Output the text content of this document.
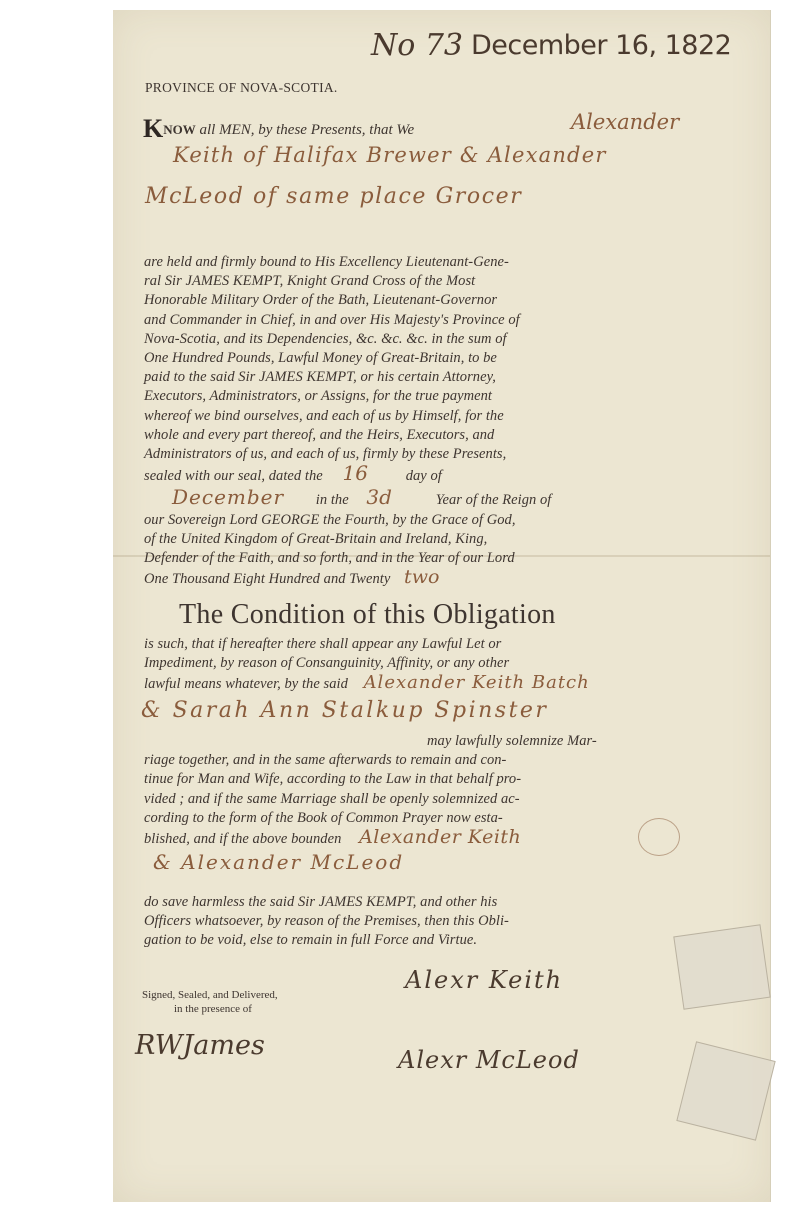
No 73 December 16, 1822
PROVINCE OF NOVA-SCOTIA.
KNOW all MEN, by these Presents, that We	Alexander
Keith of Halifax Brewer & Alexander
McLeod of same place Grocer
are held and firmly bound to His Excellency Lieutenant-Gene-
ral Sir JAMES KEMPT, Knight Grand Cross of the Most
Honorable Military Order of the Bath, Lieutenant-Governor
and Commander in Chief, in and over His Majesty's Province of
Nova-Scotia, and its Dependencies, &c. &c. &c. in the sum of
One Hundred Pounds, Lawful Money of Great-Britain, to be
paid to the said Sir JAMES KEMPT, or his certain Attorney,
Executors, Administrators, or Assigns, for the true payment
whereof we bind ourselves, and each of us by Himself, for the
whole and every part thereof, and the Heirs, Executors, and
Administrators of us, and each of us, firmly by these Presents,
sealed with our seal, dated the 16	day of
December in the 3d	Year of the Reign of
our Sovereign Lord GEORGE the Fourth, by the Grace of God,
of the United Kingdom of Great-Britain and Ireland, King,
Defender of the Faith, and so forth, and in the Year of our Lord
One Thousand Eight Hundred and Twenty two
The Condition of this Obligation
is such, that if hereafter there shall appear any Lawful Let or
Impediment, by reason of Consanguinity, Affinity, or any other
lawful means whatever, by the said Alexander Keith Batch
& Sarah Ann Stalkup Spinster
may lawfully solemnize Mar-
riage together, and in the same afterwards to remain and con-
tinue for Man and Wife, according to the Law in that behalf pro-
vided ; and if the same Marriage shall be openly solemnized ac-
cording to the form of the Book of Common Prayer now esta-
blished, and if the above bounden Alexander Keith
& Alexander McLeod
do save harmless the said Sir JAMES KEMPT, and other his
Officers whatsoever, by reason of the Premises, then this Obli-
gation to be void, else to remain in full Force and Virtue.
Signed, Sealed, and Delivered,
in the presence of
RWJames
Alexr Keith
Alexr McLeod
